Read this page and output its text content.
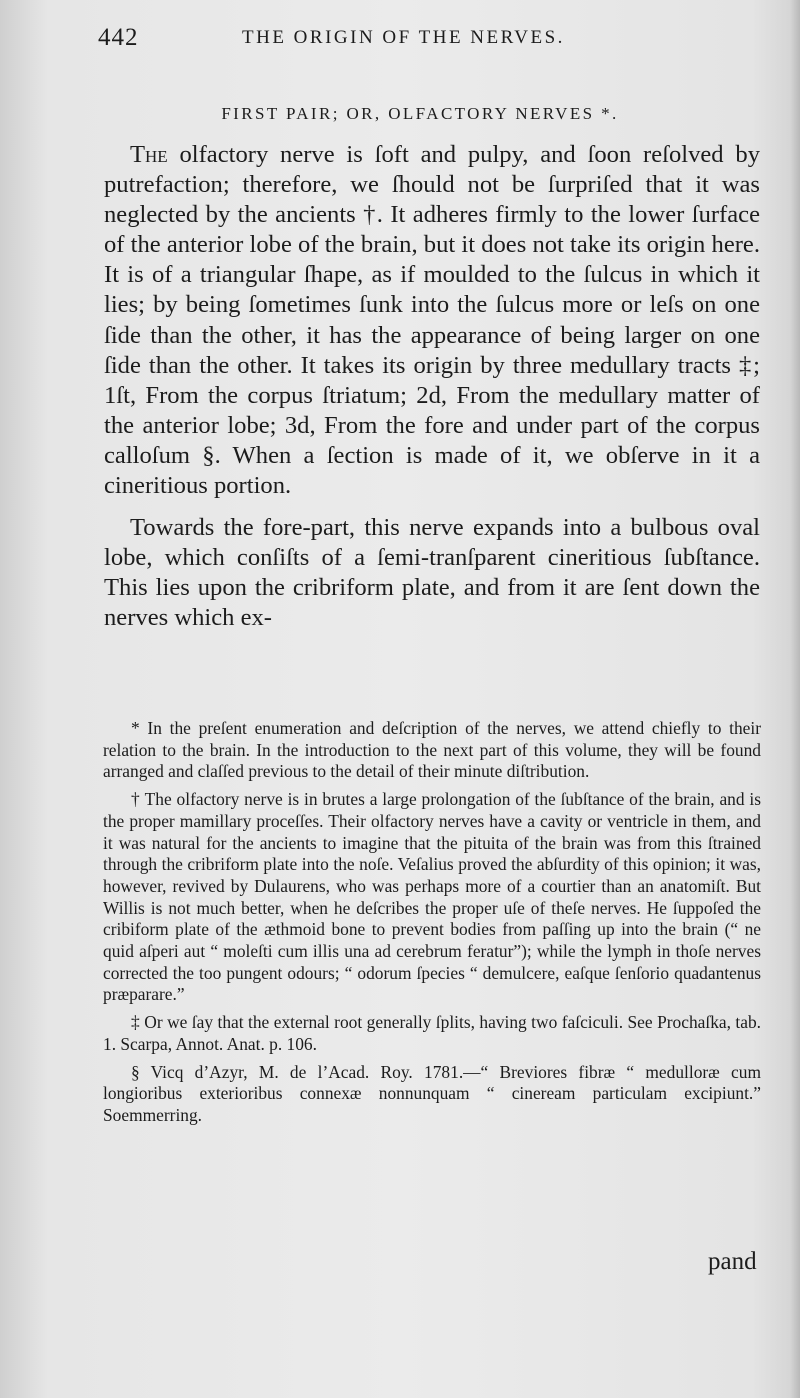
442	THE ORIGIN OF THE NERVES.
FIRST PAIR; OR, OLFACTORY NERVES *.

The olfactory nerve is ſoft and pulpy, and ſoon reſolved by putrefaction; therefore, we ſhould not be ſurpriſed that it was neglected by the ancients †. It adheres firmly to the lower ſurface of the anterior lobe of the brain, but it does not take its origin here. It is of a triangular ſhape, as if moulded to the ſulcus in which it lies; by being ſometimes ſunk into the ſulcus more or leſs on one ſide than the other, it has the appearance of being larger on one ſide than the other. It takes its origin by three medullary tracts ‡; 1ſt, From the corpus ſtriatum; 2d, From the medullary matter of the anterior lobe; 3d, From the fore and under part of the corpus calloſum §. When a ſection is made of it, we obſerve in it a cineritious portion.

Towards the fore-part, this nerve expands into a bulbous oval lobe, which conſiſts of a ſemi-tranſparent cineritious ſubſtance. This lies upon the cribriform plate, and from it are ſent down the nerves which ex-

* In the preſent enumeration and deſcription of the nerves, we attend chiefly to their relation to the brain. In the introduction to the next part of this volume, they will be found arranged and claſſed previous to the detail of their minute diſtribution.

† The olfactory nerve is in brutes a large prolongation of the ſubſtance of the brain, and is the proper mamillary proceſſes. Their olfactory nerves have a cavity or ventricle in them, and it was natural for the ancients to imagine that the pituita of the brain was from this ſtrained through the cribriform plate into the noſe. Veſalius proved the abſurdity of this opinion; it was, however, revived by Dulaurens, who was perhaps more of a courtier than an anatomiſt. But Willis is not much better, when he deſcribes the proper uſe of theſe nerves. He ſuppoſed the cribiform plate of the æthmoid bone to prevent bodies from paſſing up into the brain (“ ne quid aſperi aut “ moleſti cum illis una ad cerebrum feratur”); while the lymph in thoſe nerves corrected the too pungent odours; “ odorum ſpecies “ demulcere, eaſque ſenſorio quadantenus præparare.”

‡ Or we ſay that the external root generally ſplits, having two faſciculi. See Prochaſka, tab. 1. Scarpa, Annot. Anat. p. 106.

§ Vicq d’Azyr, M. de l’Acad. Roy. 1781.—“ Breviores fibræ “ medulloræ cum longioribus exterioribus connexæ nonnunquam “ cineream particulam excipiunt.” Soemmerring.

pand
